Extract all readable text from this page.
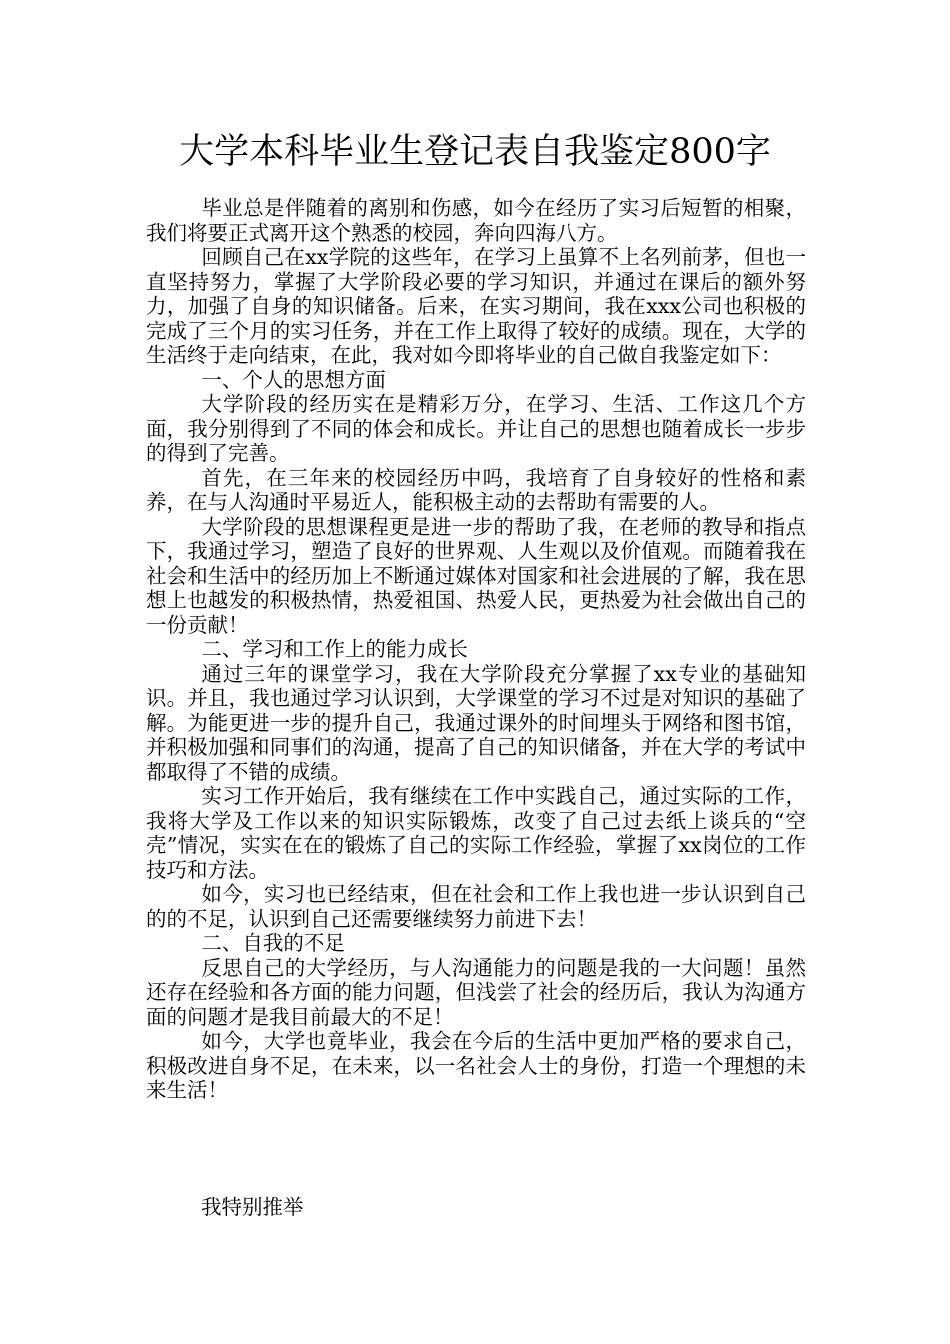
大学本科毕业生登记表自我鉴定800字

毕业总是伴随着的离别和伤感，如今在经历了实习后短暂的相聚，我们将要正式离开这个熟悉的校园，奔向四海八方。

回顾自己在xx学院的这些年，在学习上虽算不上名列前茅，但也一直坚持努力，掌握了大学阶段必要的学习知识，并通过在课后的额外努力，加强了自身的知识储备。后来，在实习期间，我在xxx公司也积极的完成了三个月的实习任务，并在工作上取得了较好的成绩。现在，大学的生活终于走向结束，在此，我对如今即将毕业的自己做自我鉴定如下：

一、个人的思想方面

大学阶段的经历实在是精彩万分，在学习、生活、工作这几个方面，我分别得到了不同的体会和成长。并让自己的思想也随着成长一步步的得到了完善。

首先，在三年来的校园经历中吗，我培育了自身较好的性格和素养，在与人沟通时平易近人，能积极主动的去帮助有需要的人。

大学阶段的思想课程更是进一步的帮助了我，在老师的教导和指点下，我通过学习，塑造了良好的世界观、人生观以及价值观。而随着我在社会和生活中的经历加上不断通过媒体对国家和社会进展的了解，我在思想上也越发的积极热情，热爱祖国、热爱人民，更热爱为社会做出自己的一份贡献！

二、学习和工作上的能力成长

通过三年的课堂学习，我在大学阶段充分掌握了xx专业的基础知识。并且，我也通过学习认识到，大学课堂的学习不过是对知识的基础了解。为能更进一步的提升自己，我通过课外的时间埋头于网络和图书馆，并积极加强和同事们的沟通，提高了自己的知识储备，并在大学的考试中都取得了不错的成绩。

实习工作开始后，我有继续在工作中实践自己，通过实际的工作，我将大学及工作以来的知识实际锻炼，改变了自己过去纸上谈兵的“空壳”情况，实实在在的锻炼了自己的实际工作经验，掌握了xx岗位的工作技巧和方法。

如今，实习也已经结束，但在社会和工作上我也进一步认识到自己的的不足，认识到自己还需要继续努力前进下去！

二、自我的不足

反思自己的大学经历，与人沟通能力的问题是我的一大问题！虽然还存在经验和各方面的能力问题，但浅尝了社会的经历后，我认为沟通方面的问题才是我目前最大的不足！

如今，大学也竟毕业，我会在今后的生活中更加严格的要求自己，积极改进自身不足，在未来，以一名社会人士的身份，打造一个理想的未来生活！

我特别推举
